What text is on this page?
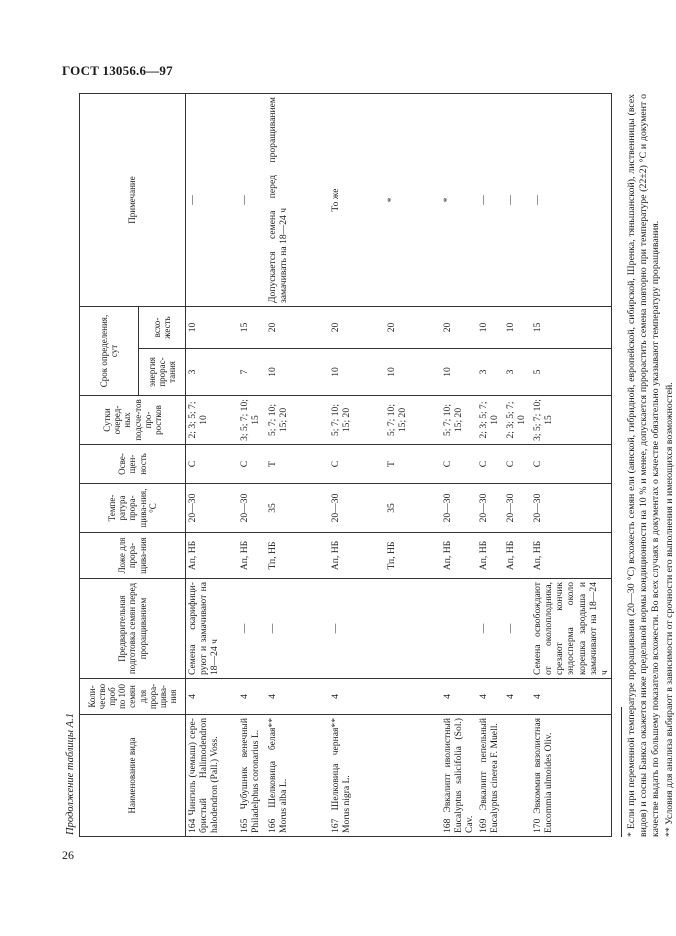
ГОСТ 13056.6—97
Продолжение таблицы А.1	Наименование вида	Коли-чество проб по 100 семян для прора-щива-ния	Предварительная подготовка семян перед проращиванием	Ложе для прора-щива-ния	Темпе-ратура прора-щива-ния, °С	Осве-щен-ность	Сутки очеред-ных подсче-тов про-ростков	Срок определения, сут		Примечание
							энергия прораc-тания	всхо-жесть	
164 Чингиль (чемыш) сере-бристый Halimodendron halodendron (Pall.) Voss.	4	Семена скарифици-руют и замачивают на 18—24 ч	Ап, НБ	20—30	С	2; 3; 5; 7; 10	3	10	—
165 Чубушник венечный Philadelphus coronarius L.	4	—	Ап, НБ	20—30	С	3; 5; 7; 10; 15	7	15	—
166 Шелковица белая** Morus alba L.	4	—	Тп, НБ	35	Т	5; 7; 10; 15; 20	10	20	Допускается семена перед проращиванием замачивать на 18—24 ч
167 Шелковица черная** Morus nigra L.	4	—	Ап, НБ	20—30	С	5; 7; 10; 15; 20	10	20	То же
			Тп, НБ	35	Т	5; 7; 10; 15; 20	10	20	*
168 Эвкалипт иволистный Eucalyptus salicifolia (Sol.) Cav.	4		Ап, НБ	20—30	С	5; 7; 10; 15; 20	10	20	*
169 Эвкалипт пепельный Eucalyptus cinerea F. Muell.	4	—	Ап, НБ	20—30	С	2; 3; 5; 7; 10	3	10	—
	4	—	Ап, НБ	20—30	С	2; 3; 5; 7; 10	3	10	—
170 Эвкоммия вязолистная Eucommia ulmoides Oliv.	4	Семена освобождают от околоплодника, срезают кончик эндосперма около корешка зародыша и замачивают на 18—24 ч	Ап, НБ	20—30	С	3; 5; 7; 10; 15	5	15	—	* Если при переменной температуре проращивания (20—30 °С) всхожесть семян ели (аянской, гибридной, европейской, сибирской, Шренка, тяньшанской), лиственницы (всех видов) и сосны Банкса окажется ниже предельной нормы кондиционности на 10 % и менее, допускается пррорастить семена повторно при температуре (22±2) °С и документ о качестве выдать по большему показателю всхожести. Во всех случаях в документах о качестве обязательно указывают температуру проращивания. ** Условия для анализа выбирают в зависимости от срочности его выполнения и имеющихся возможностей.
26
